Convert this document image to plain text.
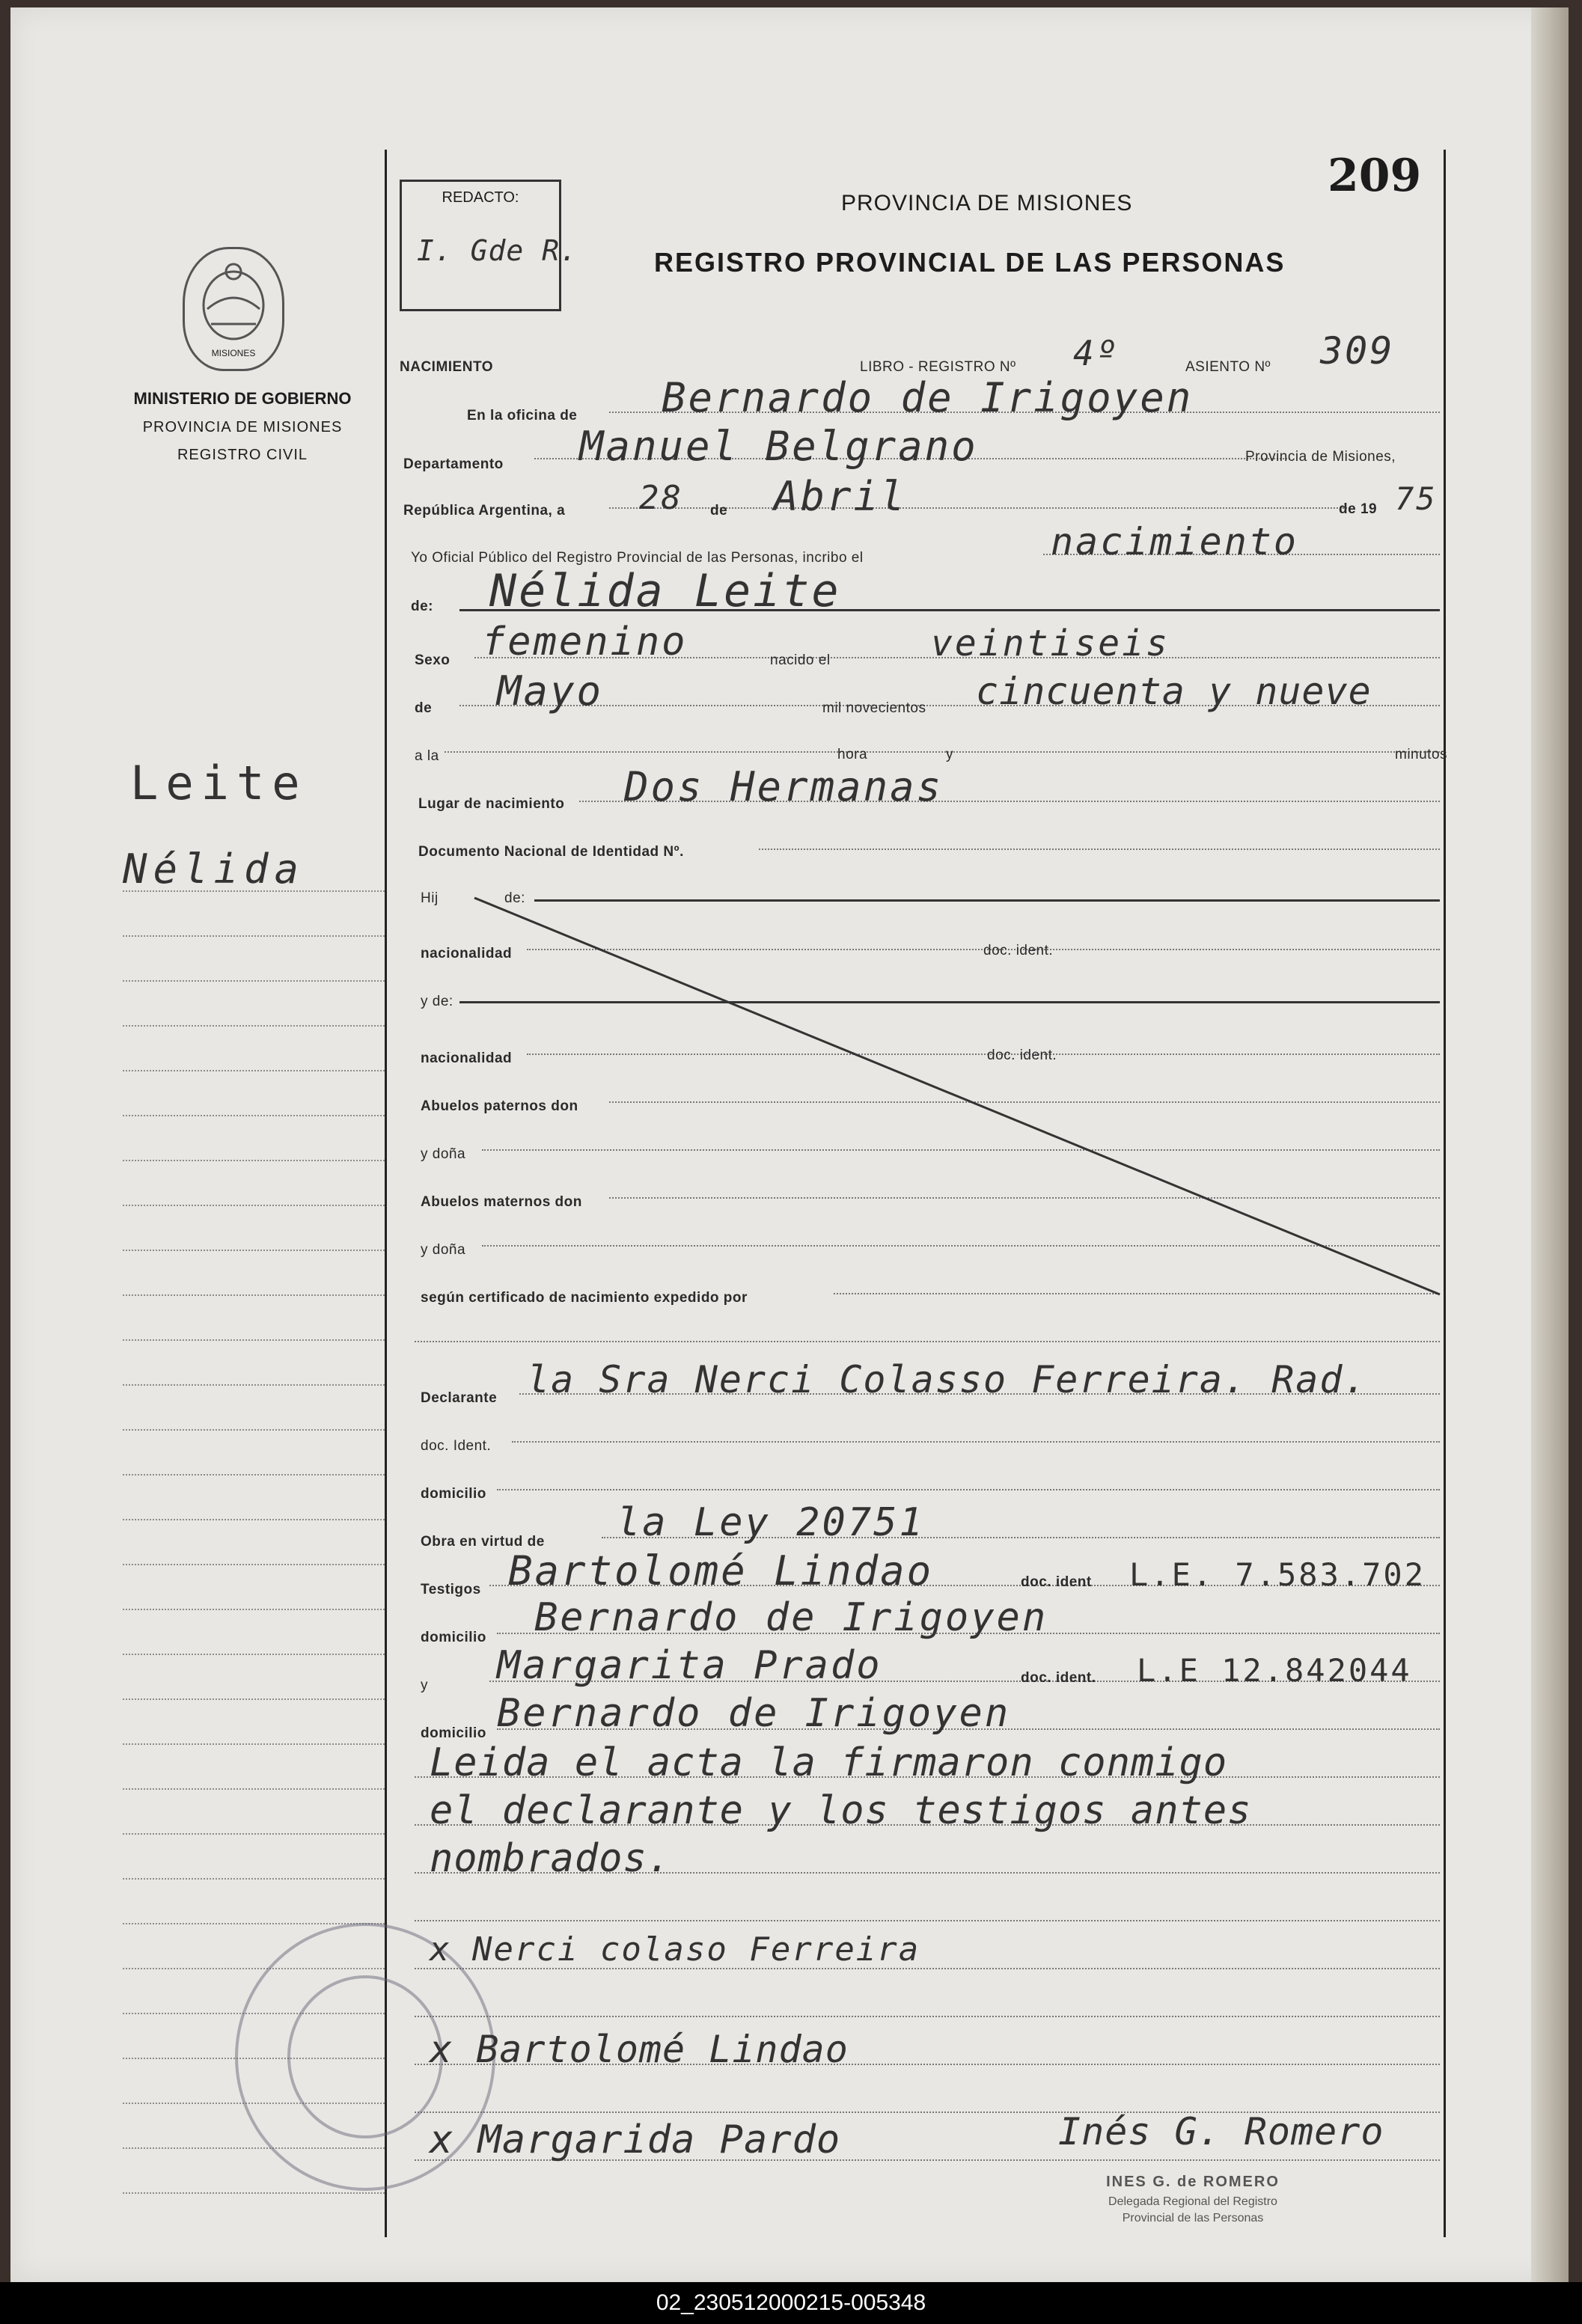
209
REDACTO:
I. Gde R.
PROVINCIA DE MISIONES
REGISTRO PROVINCIAL DE LAS PERSONAS
MISIONES
MINISTERIO DE GOBIERNO
PROVINCIA DE MISIONES
REGISTRO CIVIL
Leite
Nélida
NACIMIENTO	LIBRO - REGISTRO Nº 4º	ASIENTO Nº 309
En la oficina de Bernardo de Irigoyen
Departamento Manuel Belgrano	Provincia de Misiones,
República Argentina, a 28 de Abril	de 19 75
Yo Oficial Público del Registro Provincial de las Personas, incribo el	nacimiento
de: Nélida Leite
Sexo femenino	nacido el	veintiseis
de Mayo	mil novecientos cincuenta y nueve
a la	hora	y	minutos
Lugar de nacimiento Dos Hermanas
Documento Nacional de Identidad Nº.
Hij	de:
nacionalidad	doc. ident.
y de:
nacionalidad	doc. ident.
Abuelos paternos don
y doña
Abuelos maternos don
y doña
según certificado de nacimiento expedido por
Declarante la Sra Nerci Colasso Ferreira. Rad.
doc. Ident.
domicilio
Obra en virtud de la Ley 20751
Testigos Bartolomé Lindao	doc. ident L.E. 7.583.702
domicilio Bernardo de Irigoyen
y Margarita Prado	doc. ident. L.E 12.842044
domicilio Bernardo de Irigoyen
Leida el acta la firmaron conmigo
el declarante y los testigos antes
nombrados.
x Nerci colaso Ferreira
x Bartolomé Lindao
x Margarida Pardo	Inés G. Romero
INES G. de ROMERO
Delegada Regional del Registro
Provincial de las Personas
02_230512000215-005348
